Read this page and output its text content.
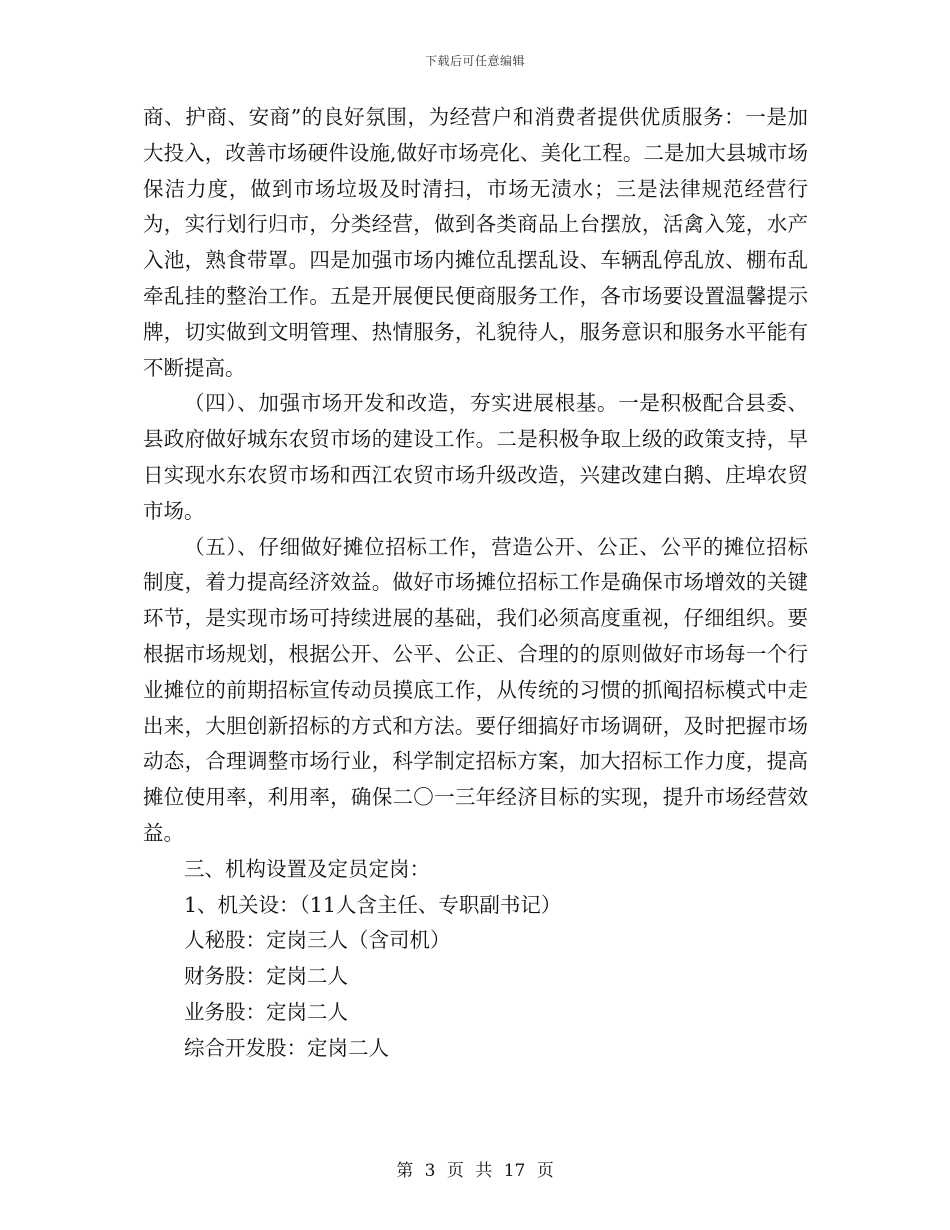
下载后可任意编辑

商、护商、安商”的良好氛围，为经营户和消费者提供优质服务：一是加大投入，改善市场硬件设施,做好市场亮化、美化工程。二是加大县城市场保洁力度，做到市场垃圾及时清扫，市场无渍水；三是法律规范经营行为，实行划行归市，分类经营，做到各类商品上台摆放，活禽入笼，水产入池，熟食带罩。四是加强市场内摊位乱摆乱设、车辆乱停乱放、棚布乱牵乱挂的整治工作。五是开展便民便商服务工作，各市场要设置温馨提示牌，切实做到文明管理、热情服务，礼貌待人，服务意识和服务水平能有不断提高。

（四）、加强市场开发和改造，夯实进展根基。一是积极配合县委、县政府做好城东农贸市场的建设工作。二是积极争取上级的政策支持，早日实现水东农贸市场和西江农贸市场升级改造，兴建改建白鹅、庄埠农贸市场。

（五）、仔细做好摊位招标工作，营造公开、公正、公平的摊位招标制度，着力提高经济效益。做好市场摊位招标工作是确保市场增效的关键环节，是实现市场可持续进展的基础，我们必须高度重视，仔细组织。要根据市场规划，根据公开、公平、公正、合理的的原则做好市场每一个行业摊位的前期招标宣传动员摸底工作，从传统的习惯的抓阄招标模式中走出来，大胆创新招标的方式和方法。要仔细搞好市场调研，及时把握市场动态，合理调整市场行业，科学制定招标方案，加大招标工作力度，提高摊位使用率，利用率，确保二〇一三年经济目标的实现，提升市场经营效益。

三、机构设置及定员定岗：

1、机关设：（11人含主任、专职副书记）

人秘股：定岗三人（含司机）

财务股：定岗二人

业务股：定岗二人

综合开发股：定岗二人

第 3 页 共 17 页
